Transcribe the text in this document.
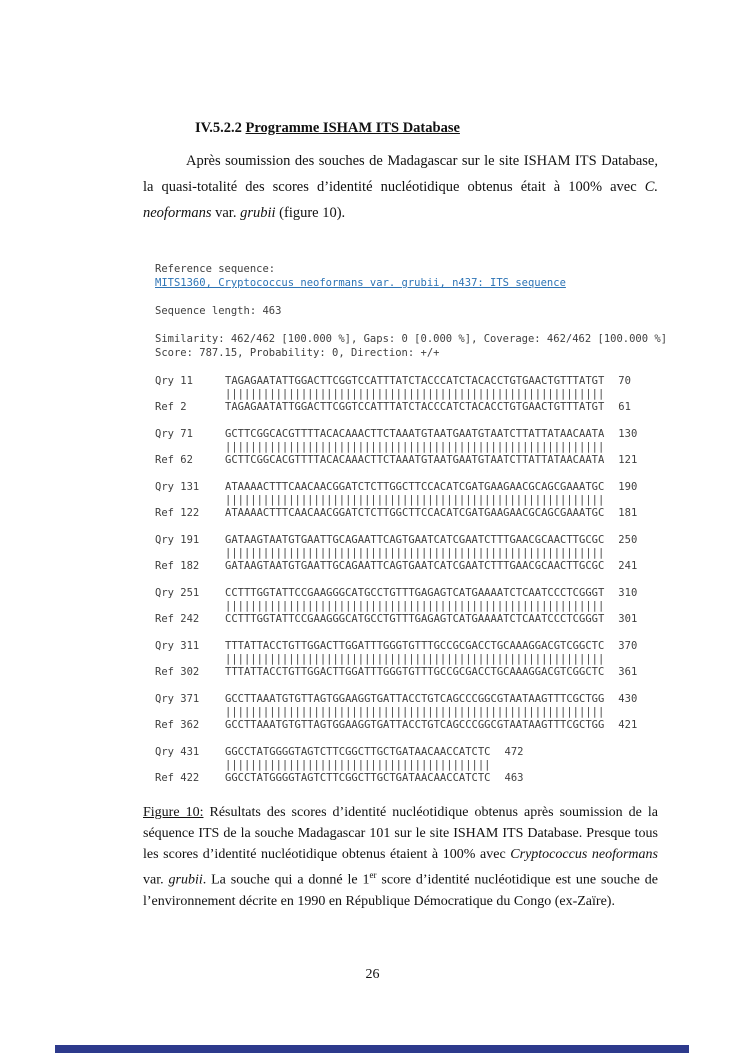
IV.5.2.2 Programme ISHAM ITS Database

Après soumission des souches de Madagascar sur le site ISHAM ITS Database, la quasi-totalité des scores d’identité nucléotidique obtenus était à 100% avec C. neoformans var. grubii (figure 10).

Reference sequence:
MITS1360, Cryptococcus neoformans var. grubii, n437: ITS sequence
Sequence length: 463
Similarity: 462/462 [100.000 %], Gaps: 0 [0.000 %], Coverage: 462/462 [100.000 %]
Score: 787.15, Probability: 0, Direction: +/+
Qry 11	TAGAGAATATTGGACTTCGGTCCATTTATCTACCCATCTACACCTGTGAACTGTTTATGT 70
||||||||||||||||||||||||||||||||||||||||||||||||||||||||||||
Ref 2	TAGAGAATATTGGACTTCGGTCCATTTATCTACCCATCTACACCTGTGAACTGTTTATGT 61
Qry 71	GCTTCGGCACGTTTTACACAAACTTCTAAATGTAATGAATGTAATCTTATTATAACAATA 130
||||||||||||||||||||||||||||||||||||||||||||||||||||||||||||
Ref 62	GCTTCGGCACGTTTTACACAAACTTCTAAATGTAATGAATGTAATCTTATTATAACAATA 121
Qry 131 ATAAAACTTTCAACAACGGATCTCTTGGCTTCCACATCGATGAAGAACGCAGCGAAATGC 190
||||||||||||||||||||||||||||||||||||||||||||||||||||||||||||
Ref 122 ATAAAACTTTCAACAACGGATCTCTTGGCTTCCACATCGATGAAGAACGCAGCGAAATGC 181
Qry 191 GATAAGTAATGTGAATTGCAGAATTCAGTGAATCATCGAATCTTTGAACGCAACTTGCGC 250
||||||||||||||||||||||||||||||||||||||||||||||||||||||||||||
Ref 182 GATAAGTAATGTGAATTGCAGAATTCAGTGAATCATCGAATCTTTGAACGCAACTTGCGC 241
Qry 251 CCTTTGGTATTCCGAAGGGCATGCCTGTTTGAGAGTCATGAAAATCTCAATCCCTCGGGT 310
||||||||||||||||||||||||||||||||||||||||||||||||||||||||||||
Ref 242 CCTTTGGTATTCCGAAGGGCATGCCTGTTTGAGAGTCATGAAAATCTCAATCCCTCGGGT 301
Qry 311 TTTATTACCTGTTGGACTTGGATTTGGGTGTTTGCCGCGACCTGCAAAGGACGTCGGCTC 370
||||||||||||||||||||||||||||||||||||||||||||||||||||||||||||
Ref 302 TTTATTACCTGTTGGACTTGGATTTGGGTGTTTGCCGCGACCTGCAAAGGACGTCGGCTC 361
Qry 371 GCCTTAAATGTGTTAGTGGAAGGTGATTACCTGTCAGCCCGGCGTAATAAGTTTCGCTGG 430
||||||||||||||||||||||||||||||||||||||||||||||||||||||||||||
Ref 362 GCCTTAAATGTGTTAGTGGAAGGTGATTACCTGTCAGCCCGGCGTAATAAGTTTCGCTGG 421
Qry 431 GGCCTATGGGGTAGTCTTCGGCTTGCTGATAACAACCATCTC 472
||||||||||||||||||||||||||||||||||||||||||
Ref 422 GGCCTATGGGGTAGTCTTCGGCTTGCTGATAACAACCATCTC 463

Figure 10: Résultats des scores d’identité nucléotidique obtenus après soumission de la séquence ITS de la souche Madagascar 101 sur le site ISHAM ITS Database. Presque tous les scores d’identité nucléotidique obtenus étaient à 100% avec Cryptococcus neoformans var. grubii. La souche qui a donné le 1er score d’identité nucléotidique est une souche de l’environnement décrite en 1990 en République Démocratique du Congo (ex-Zaïre).

26
